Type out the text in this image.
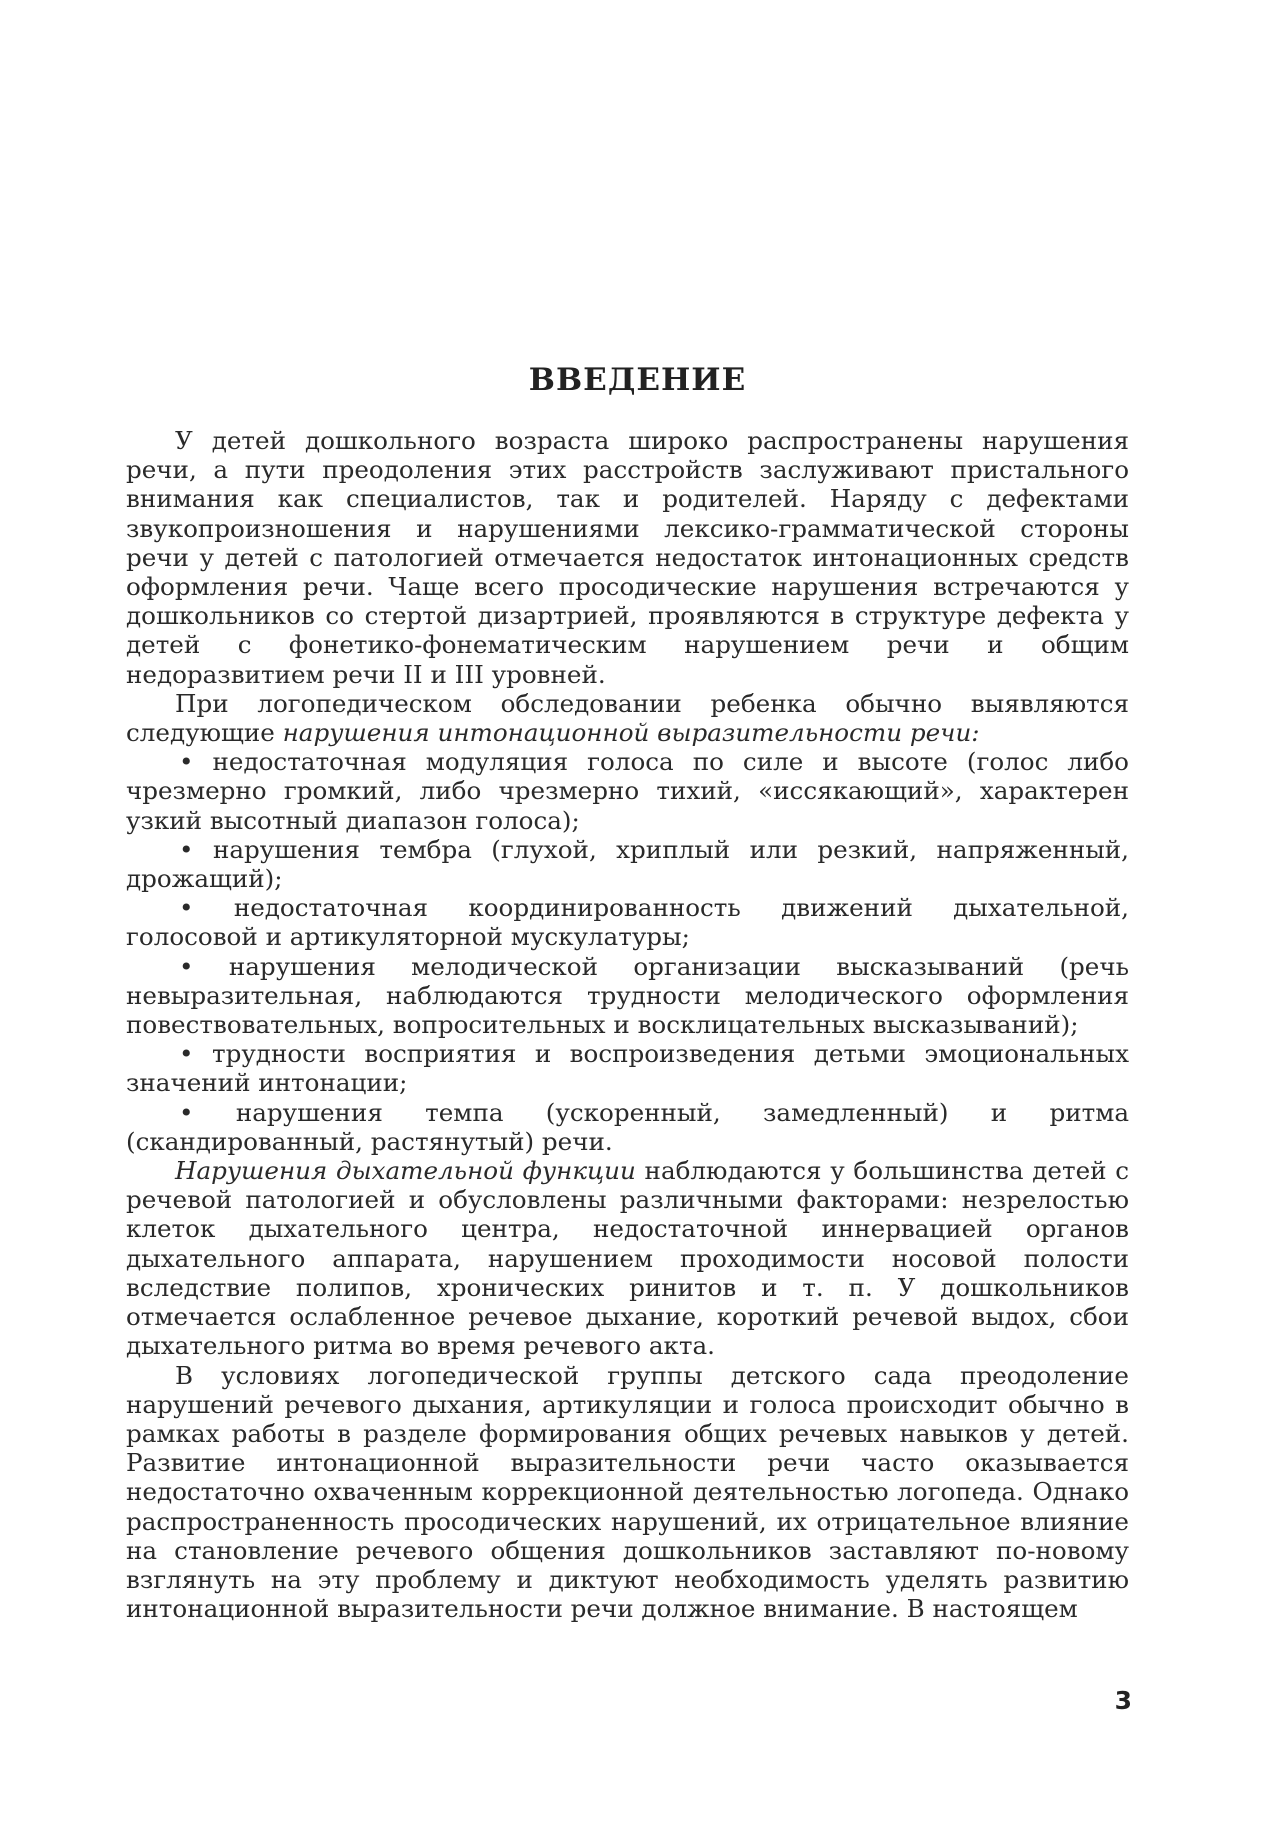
ВВЕДЕНИЕ

У детей дошкольного возраста широко распространены нарушения речи, а пути преодоления этих расстройств заслуживают пристального внимания как специалистов, так и родителей. Наряду с дефектами звукопроизношения и нарушениями лексико-грамматической стороны речи у детей с патологией отмечается недостаток интонационных средств оформления речи. Чаще всего просодические нарушения встречаются у дошкольников со стертой дизартрией, проявляются в структуре дефекта у детей с фонетико-фонематическим нарушением речи и общим недоразвитием речи II и III уровней.

При логопедическом обследовании ребенка обычно выявляются следующие нарушения интонационной выразительности речи:

• недостаточная модуляция голоса по силе и высоте (голос либо чрезмерно громкий, либо чрезмерно тихий, «иссякающий», характерен узкий высотный диапазон голоса);

• нарушения тембра (глухой, хриплый или резкий, напряженный, дрожащий);

• недостаточная координированность движений дыхательной, голосовой и артикуляторной мускулатуры;

• нарушения мелодической организации высказываний (речь невыразительная, наблюдаются трудности мелодического оформления повествовательных, вопросительных и восклицательных высказываний);

• трудности восприятия и воспроизведения детьми эмоциональных значений интонации;

• нарушения темпа (ускоренный, замедленный) и ритма (скандированный, растянутый) речи.

Нарушения дыхательной функции наблюдаются у большинства детей с речевой патологией и обусловлены различными факторами: незрелостью клеток дыхательного центра, недостаточной иннервацией органов дыхательного аппарата, нарушением проходимости носовой полости вследствие полипов, хронических ринитов и т. п. У дошкольников отмечается ослабленное речевое дыхание, короткий речевой выдох, сбои дыхательного ритма во время речевого акта.

В условиях логопедической группы детского сада преодоление нарушений речевого дыхания, артикуляции и голоса происходит обычно в рамках работы в разделе формирования общих речевых навыков у детей. Развитие интонационной выразительности речи часто оказывается недостаточно охваченным коррекционной деятельностью логопеда. Однако распространенность просодических нарушений, их отрицательное влияние на становление речевого общения дошкольников заставляют по-новому взглянуть на эту проблему и диктуют необходимость уделять развитию интонационной выразительности речи должное внимание. В настоящем

3
